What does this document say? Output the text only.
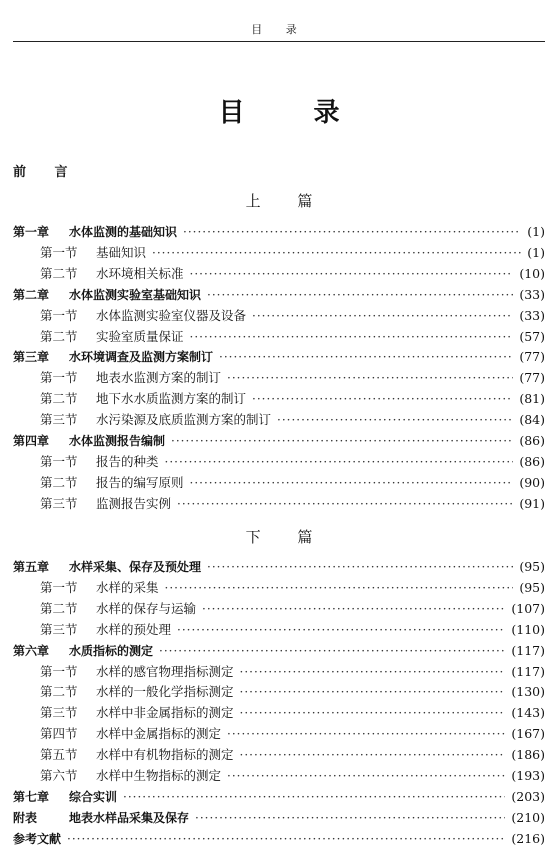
目 录
目 录
前 言
上 篇
第一章	水体监测的基础知识 ·····	(1)
第一节	基础知识 ·····	(1)
第二节	水环境相关标准 ·····	(10)
第二章	水体监测实验室基础知识 ·····	(33)
第一节	水体监测实验室仪器及设备 ·····	(33)
第二节	实验室质量保证 ·····	(57)
第三章	水环境调查及监测方案制订 ·····	(77)
第一节	地表水监测方案的制订 ·····	(77)
第二节	地下水水质监测方案的制订 ·····	(81)
第三节	水污染源及底质监测方案的制订 ·····	(84)
第四章	水体监测报告编制 ·····	(86)
第一节	报告的种类 ·····	(86)
第二节	报告的编写原则 ·····	(90)
第三节	监测报告实例 ·····	(91)
下 篇
第五章	水样采集、保存及预处理 ·····	(95)
第一节	水样的采集 ·····	(95)
第二节	水样的保存与运输 ·····	(107)
第三节	水样的预处理 ·····	(110)
第六章	水质指标的测定 ·····	(117)
第一节	水样的感官物理指标测定 ·····	(117)
第二节	水样的一般化学指标测定 ·····	(130)
第三节	水样中非金属指标的测定 ·····	(143)
第四节	水样中金属指标的测定 ·····	(167)
第五节	水样中有机物指标的测定 ·····	(186)
第六节	水样中生物指标的测定 ·····	(193)
第七章	综合实训 ·····	(203)
附表	地表水样品采集及保存 ·····	(210)
参考文献 ·····	(216)
